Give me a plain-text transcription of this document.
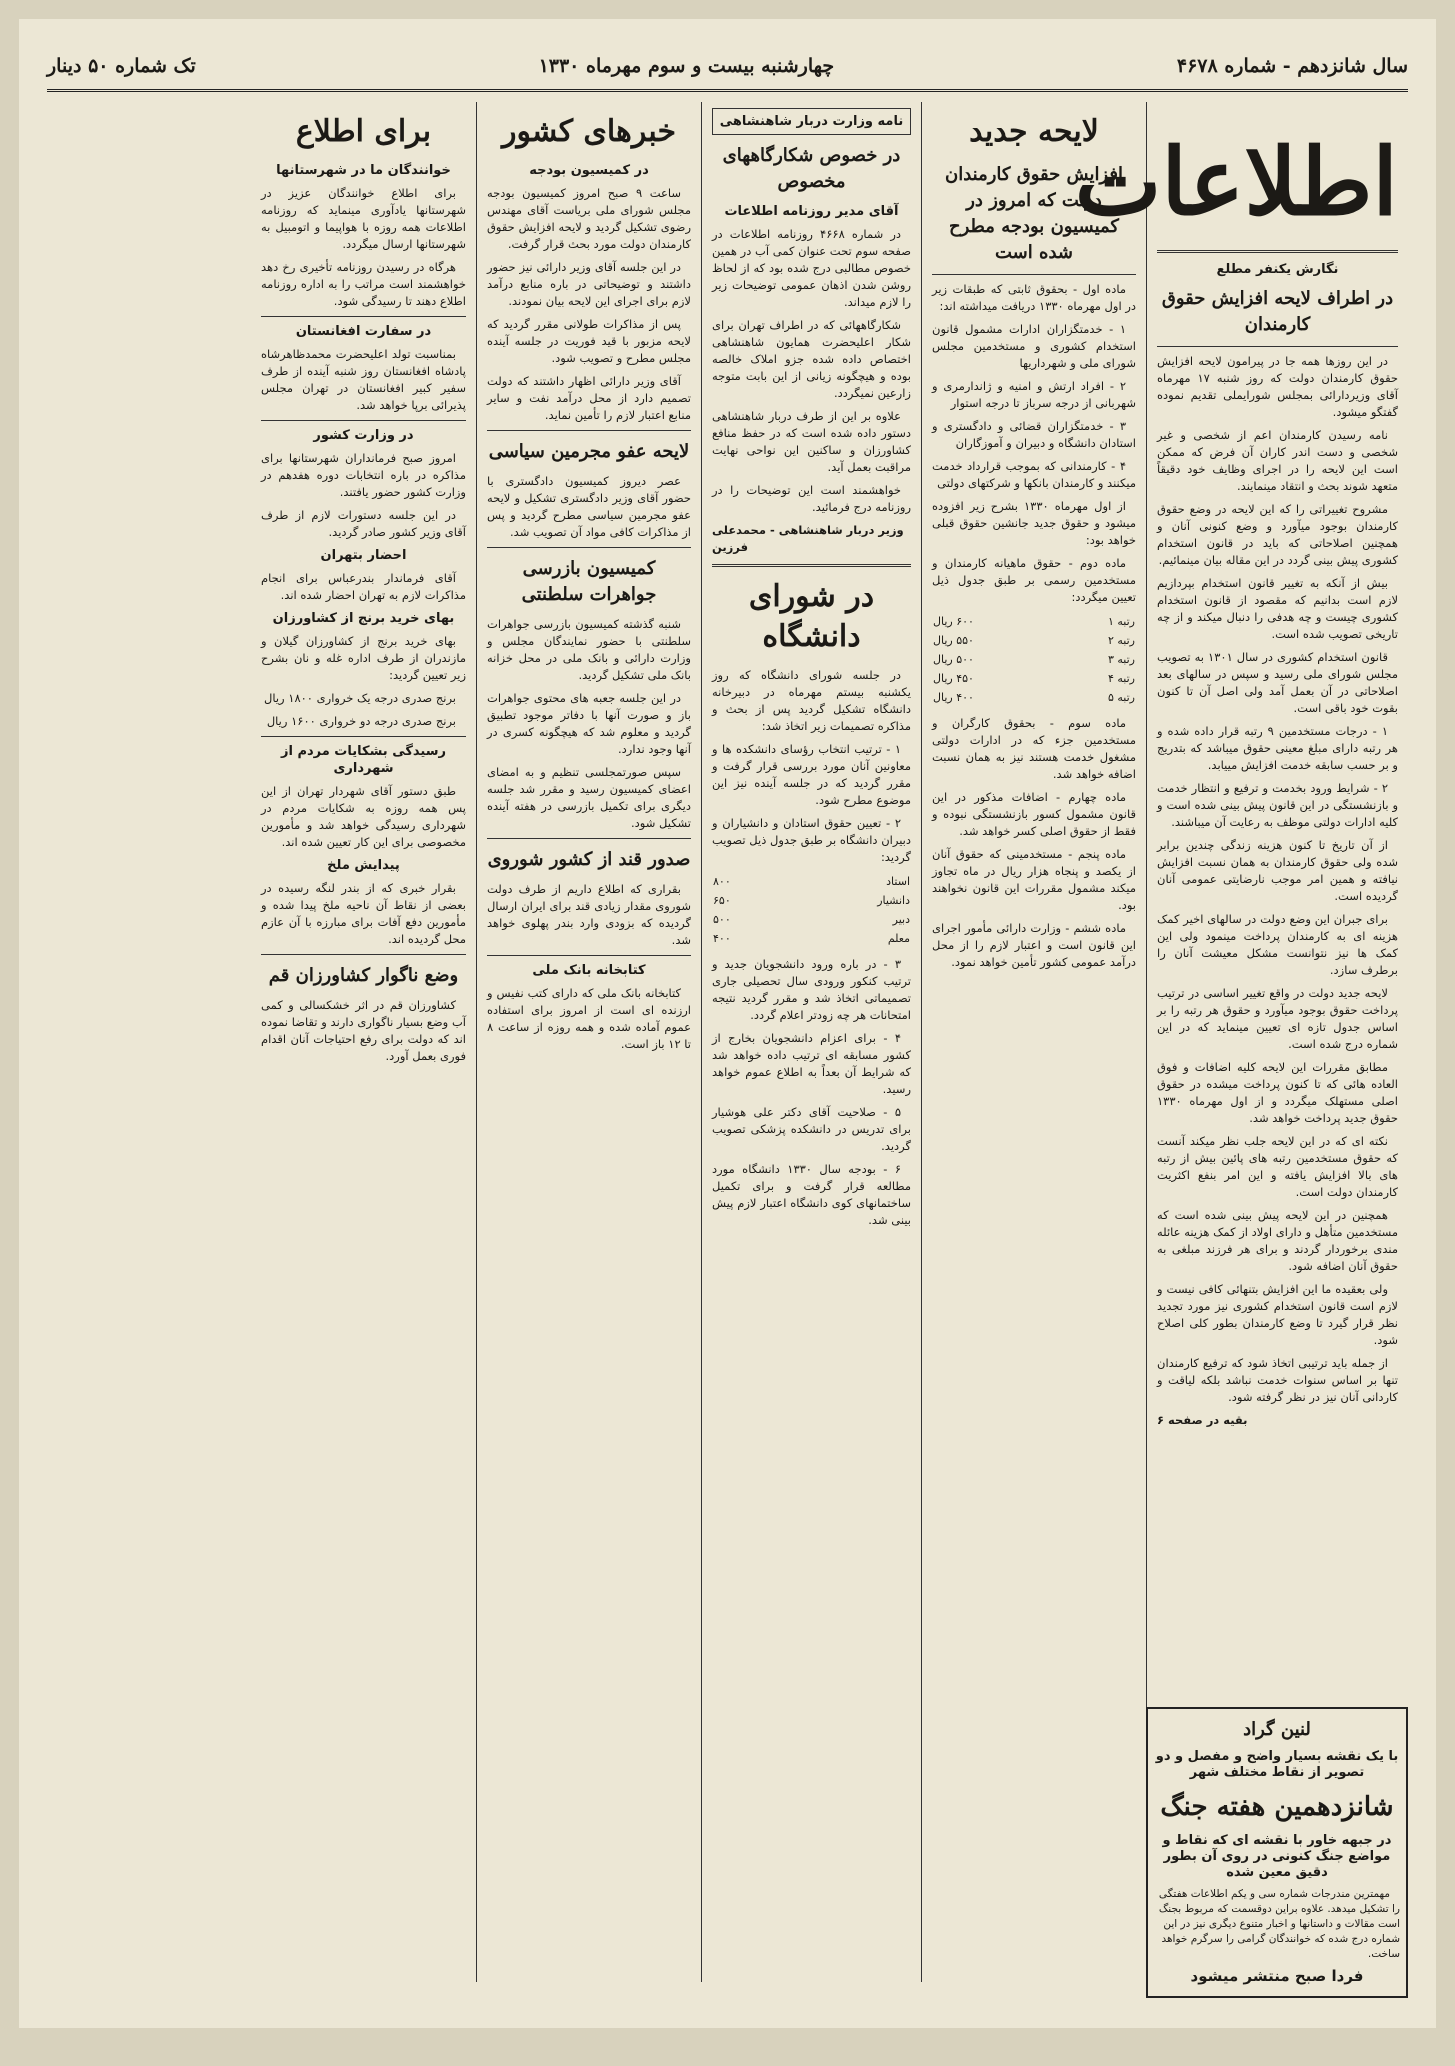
سال شانزدهم - شماره ۴۶۷۸
چهارشنبه بیست و سوم مهرماه ۱۳۳۰
تک شماره ۵۰ دینار
اطلاعات
نگارش یکنفر مطلع
در اطراف لایحه افزایش حقوق کارمندان

در این روزها همه جا در پیرامون لایحه افزایش حقوق کارمندان دولت که روز شنبه ۱۷ مهرماه آقای وزیردارائی بمجلس شورایملی تقدیم نموده گفتگو میشود.

نامه رسیدن کارمندان اعم از شخصی و غیر شخصی و دست اندر کاران آن فرض که ممکن است این لایحه را در اجرای وظایف خود دقیقاً متعهد شوند بحث و انتقاد مینمایند.

مشروح تغییراتی را که این لایحه در وضع حقوق کارمندان بوجود میآورد و وضع کنونی آنان و همچنین اصلاحاتی که باید در قانون استخدام کشوری پیش بینی گردد در این مقاله بیان مینمائیم.

بیش از آنکه به تغییر قانون استخدام بپردازیم لازم است بدانیم که مقصود از قانون استخدام کشوری چیست و چه هدفی را دنبال میکند و از چه تاریخی تصویب شده است.

قانون استخدام کشوری در سال ۱۳۰۱ به تصویب مجلس شورای ملی رسید و سپس در سالهای بعد اصلاحاتی در آن بعمل آمد ولی اصل آن تا کنون بقوت خود باقی است.

۱ - درجات مستخدمین ۹ رتبه قرار داده شده و هر رتبه دارای مبلغ معینی حقوق میباشد که بتدریج و بر حسب سابقه خدمت افزایش مییابد.

۲ - شرایط ورود بخدمت و ترفیع و انتظار خدمت و بازنشستگی در این قانون پیش بینی شده است و کلیه ادارات دولتی موظف به رعایت آن میباشند.

از آن تاریخ تا کنون هزینه زندگی چندین برابر شده ولی حقوق کارمندان به همان نسبت افزایش نیافته و همین امر موجب نارضایتی عمومی آنان گردیده است.

برای جبران این وضع دولت در سالهای اخیر کمک هزینه ای به کارمندان پرداخت مینمود ولی این کمک ها نیز نتوانست مشکل معیشت آنان را برطرف سازد.

لایحه جدید دولت در واقع تغییر اساسی در ترتیب پرداخت حقوق بوجود میآورد و حقوق هر رتبه را بر اساس جدول تازه ای تعیین مینماید که در این شماره درج شده است.

مطابق مقررات این لایحه کلیه اضافات و فوق العاده هائی که تا کنون پرداخت میشده در حقوق اصلی مستهلک میگردد و از اول مهرماه ۱۳۳۰ حقوق جدید پرداخت خواهد شد.

نکته ای که در این لایحه جلب نظر میکند آنست که حقوق مستخدمین رتبه های پائین بیش از رتبه های بالا افزایش یافته و این امر بنفع اکثریت کارمندان دولت است.

همچنین در این لایحه پیش بینی شده است که مستخدمین متأهل و دارای اولاد از کمک هزینه عائله مندی برخوردار گردند و برای هر فرزند مبلغی به حقوق آنان اضافه شود.

ولی بعقیده ما این افزایش بتنهائی کافی نیست و لازم است قانون استخدام کشوری نیز مورد تجدید نظر قرار گیرد تا وضع کارمندان بطور کلی اصلاح شود.

از جمله باید ترتیبی اتخاذ شود که ترفیع کارمندان تنها بر اساس سنوات خدمت نباشد بلکه لیاقت و کاردانی آنان نیز در نظر گرفته شود.

بقیه در صفحه ۶
لایحه جدید
افزایش حقوق کارمندان دولت که امروز در کمیسیون بودجه مطرح شده است

ماده اول - بحقوق ثابتی که طبقات زیر در اول مهرماه ۱۳۳۰ دریافت میداشته اند:

۱ - خدمتگزاران ادارات مشمول قانون استخدام کشوری و مستخدمین مجلس شورای ملی و شهرداریها

۲ - افراد ارتش و امنیه و ژاندارمری و شهربانی از درجه سرباز تا درجه استوار

۳ - خدمتگزاران قضائی و دادگستری و استادان دانشگاه و دبیران و آموزگاران

۴ - کارمندانی که بموجب قرارداد خدمت میکنند و کارمندان بانکها و شرکتهای دولتی

از اول مهرماه ۱۳۳۰ بشرح زیر افزوده میشود و حقوق جدید جانشین حقوق قبلی خواهد بود:

ماده دوم - حقوق ماهیانه کارمندان و مستخدمین رسمی بر طبق جدول ذیل تعیین میگردد:

رتبه ۱	۶۰۰ ریال
رتبه ۲	۵۵۰ ریال
رتبه ۳	۵۰۰ ریال
رتبه ۴	۴۵۰ ریال
رتبه ۵	۴۰۰ ریال

ماده سوم - بحقوق کارگران و مستخدمین جزء که در ادارات دولتی مشغول خدمت هستند نیز به همان نسبت اضافه خواهد شد.

ماده چهارم - اضافات مذکور در این قانون مشمول کسور بازنشستگی نبوده و فقط از حقوق اصلی کسر خواهد شد.

ماده پنجم - مستخدمینی که حقوق آنان از یکصد و پنجاه هزار ریال در ماه تجاوز میکند مشمول مقررات این قانون نخواهند بود.

ماده ششم - وزارت دارائی مأمور اجرای این قانون است و اعتبار لازم را از محل درآمد عمومی کشور تأمین خواهد نمود.

نامه وزارت دربار شاهنشاهی
در خصوص شکارگاههای مخصوص
آقای مدیر روزنامه اطلاعات

در شماره ۴۶۶۸ روزنامه اطلاعات در صفحه سوم تحت عنوان کمی آب در همین خصوص مطالبی درج شده بود که از لحاظ روشن شدن اذهان عمومی توضیحات زیر را لازم میداند.

شکارگاههائی که در اطراف تهران برای شکار اعلیحضرت همایون شاهنشاهی اختصاص داده شده جزو املاک خالصه بوده و هیچگونه زیانی از این بابت متوجه زارعین نمیگردد.

علاوه بر این از طرف دربار شاهنشاهی دستور داده شده است که در حفظ منافع کشاورزان و ساکنین این نواحی نهایت مراقبت بعمل آید.

خواهشمند است این توضیحات را در روزنامه درج فرمائید.

وزیر دربار شاهنشاهی - محمدعلی فرزین
در شورای دانشگاه

در جلسه شورای دانشگاه که روز یکشنبه بیستم مهرماه در دبیرخانه دانشگاه تشکیل گردید پس از بحث و مذاکره تصمیمات زیر اتخاذ شد:

۱ - ترتیب انتخاب رؤسای دانشکده ها و معاونین آنان مورد بررسی قرار گرفت و مقرر گردید که در جلسه آینده نیز این موضوع مطرح شود.

۲ - تعیین حقوق استادان و دانشیاران و دبیران دانشگاه بر طبق جدول ذیل تصویب گردید:

استاد	۸۰۰
دانشیار	۶۵۰
دبیر	۵۰۰
معلم	۴۰۰

۳ - در باره ورود دانشجویان جدید و ترتیب کنکور ورودی سال تحصیلی جاری تصمیماتی اتخاذ شد و مقرر گردید نتیجه امتحانات هر چه زودتر اعلام گردد.

۴ - برای اعزام دانشجویان بخارج از کشور مسابقه ای ترتیب داده خواهد شد که شرایط آن بعداً به اطلاع عموم خواهد رسید.

۵ - صلاحیت آقای دکتر علی هوشیار برای تدریس در دانشکده پزشکی تصویب گردید.

۶ - بودجه سال ۱۳۳۰ دانشگاه مورد مطالعه قرار گرفت و برای تکمیل ساختمانهای کوی دانشگاه اعتبار لازم پیش بینی شد.

خبرهای کشور
در کمیسیون بودجه

ساعت ۹ صبح امروز کمیسیون بودجه مجلس شورای ملی بریاست آقای مهندس رضوی تشکیل گردید و لایحه افزایش حقوق کارمندان دولت مورد بحث قرار گرفت.

در این جلسه آقای وزیر دارائی نیز حضور داشتند و توضیحاتی در باره منابع درآمد لازم برای اجرای این لایحه بیان نمودند.

پس از مذاکرات طولانی مقرر گردید که لایحه مزبور با قید فوریت در جلسه آینده مجلس مطرح و تصویب شود.

آقای وزیر دارائی اظهار داشتند که دولت تصمیم دارد از محل درآمد نفت و سایر منابع اعتبار لازم را تأمین نماید.

لایحه عفو مجرمین سیاسی

عصر دیروز کمیسیون دادگستری با حضور آقای وزیر دادگستری تشکیل و لایحه عفو مجرمین سیاسی مطرح گردید و پس از مذاکرات کافی مواد آن تصویب شد.

کمیسیون بازرسی جواهرات سلطنتی

شنبه گذشته کمیسیون بازرسی جواهرات سلطنتی با حضور نمایندگان مجلس و وزارت دارائی و بانک ملی در محل خزانه بانک ملی تشکیل گردید.

در این جلسه جعبه های محتوی جواهرات باز و صورت آنها با دفاتر موجود تطبیق گردید و معلوم شد که هیچگونه کسری در آنها وجود ندارد.

سپس صورتمجلسی تنظیم و به امضای اعضای کمیسیون رسید و مقرر شد جلسه دیگری برای تکمیل بازرسی در هفته آینده تشکیل شود.

صدور قند از کشور شوروی

بقراری که اطلاع داریم از طرف دولت شوروی مقدار زیادی قند برای ایران ارسال گردیده که بزودی وارد بندر پهلوی خواهد شد.

کتابخانه بانک ملی

کتابخانه بانک ملی که دارای کتب نفیس و ارزنده ای است از امروز برای استفاده عموم آماده شده و همه روزه از ساعت ۸ تا ۱۲ باز است.

برای اطلاع
خوانندگان ما در شهرستانها

برای اطلاع خوانندگان عزیز در شهرستانها یادآوری مینماید که روزنامه اطلاعات همه روزه با هواپیما و اتومبیل به شهرستانها ارسال میگردد.

هرگاه در رسیدن روزنامه تأخیری رخ دهد خواهشمند است مراتب را به اداره روزنامه اطلاع دهند تا رسیدگی شود.

در سفارت افغانستان

بمناسبت تولد اعلیحضرت محمدظاهرشاه پادشاه افغانستان روز شنبه آینده از طرف سفیر کبیر افغانستان در تهران مجلس پذیرائی برپا خواهد شد.

در وزارت کشور

امروز صبح فرمانداران شهرستانها برای مذاکره در باره انتخابات دوره هفدهم در وزارت کشور حضور یافتند.

در این جلسه دستورات لازم از طرف آقای وزیر کشور صادر گردید.

احضار بتهران

آقای فرماندار بندرعباس برای انجام مذاکرات لازم به تهران احضار شده اند.

بهای خرید برنج از کشاورزان

بهای خرید برنج از کشاورزان گیلان و مازندران از طرف اداره غله و نان بشرح زیر تعیین گردید:

برنج صدری درجه یک خرواری ۱۸۰۰ ریال

برنج صدری درجه دو خرواری ۱۶۰۰ ریال

رسیدگی بشکایات مردم از شهرداری

طبق دستور آقای شهردار تهران از این پس همه روزه به شکایات مردم در شهرداری رسیدگی خواهد شد و مأمورین مخصوصی برای این کار تعیین شده اند.

پیدایش ملخ

بقرار خبری که از بندر لنگه رسیده در بعضی از نقاط آن ناحیه ملخ پیدا شده و مأمورین دفع آفات برای مبارزه با آن عازم محل گردیده اند.

وضع ناگوار کشاورزان قم

کشاورزان قم در اثر خشکسالی و کمی آب وضع بسیار ناگواری دارند و تقاضا نموده اند که دولت برای رفع احتیاجات آنان اقدام فوری بعمل آورد.

لنین گراد
با یک نقشه بسیار واضح و مفصل و دو تصویر از نقاط مختلف شهر
شانزدهمین هفته جنگ
در جبهه خاور با نقشه ای که نقاط و مواضع جنگ کنونی در روی آن بطور دقیق معین شده

مهمترین مندرجات شماره سی و یکم اطلاعات هفتگی را تشکیل میدهد. علاوه براین دوقسمت که مربوط بجنگ است مقالات و داستانها و اخبار متنوع دیگری نیز در این شماره درج شده که خوانندگان گرامی را سرگرم خواهد ساخت.

فردا صبح منتشر میشود
